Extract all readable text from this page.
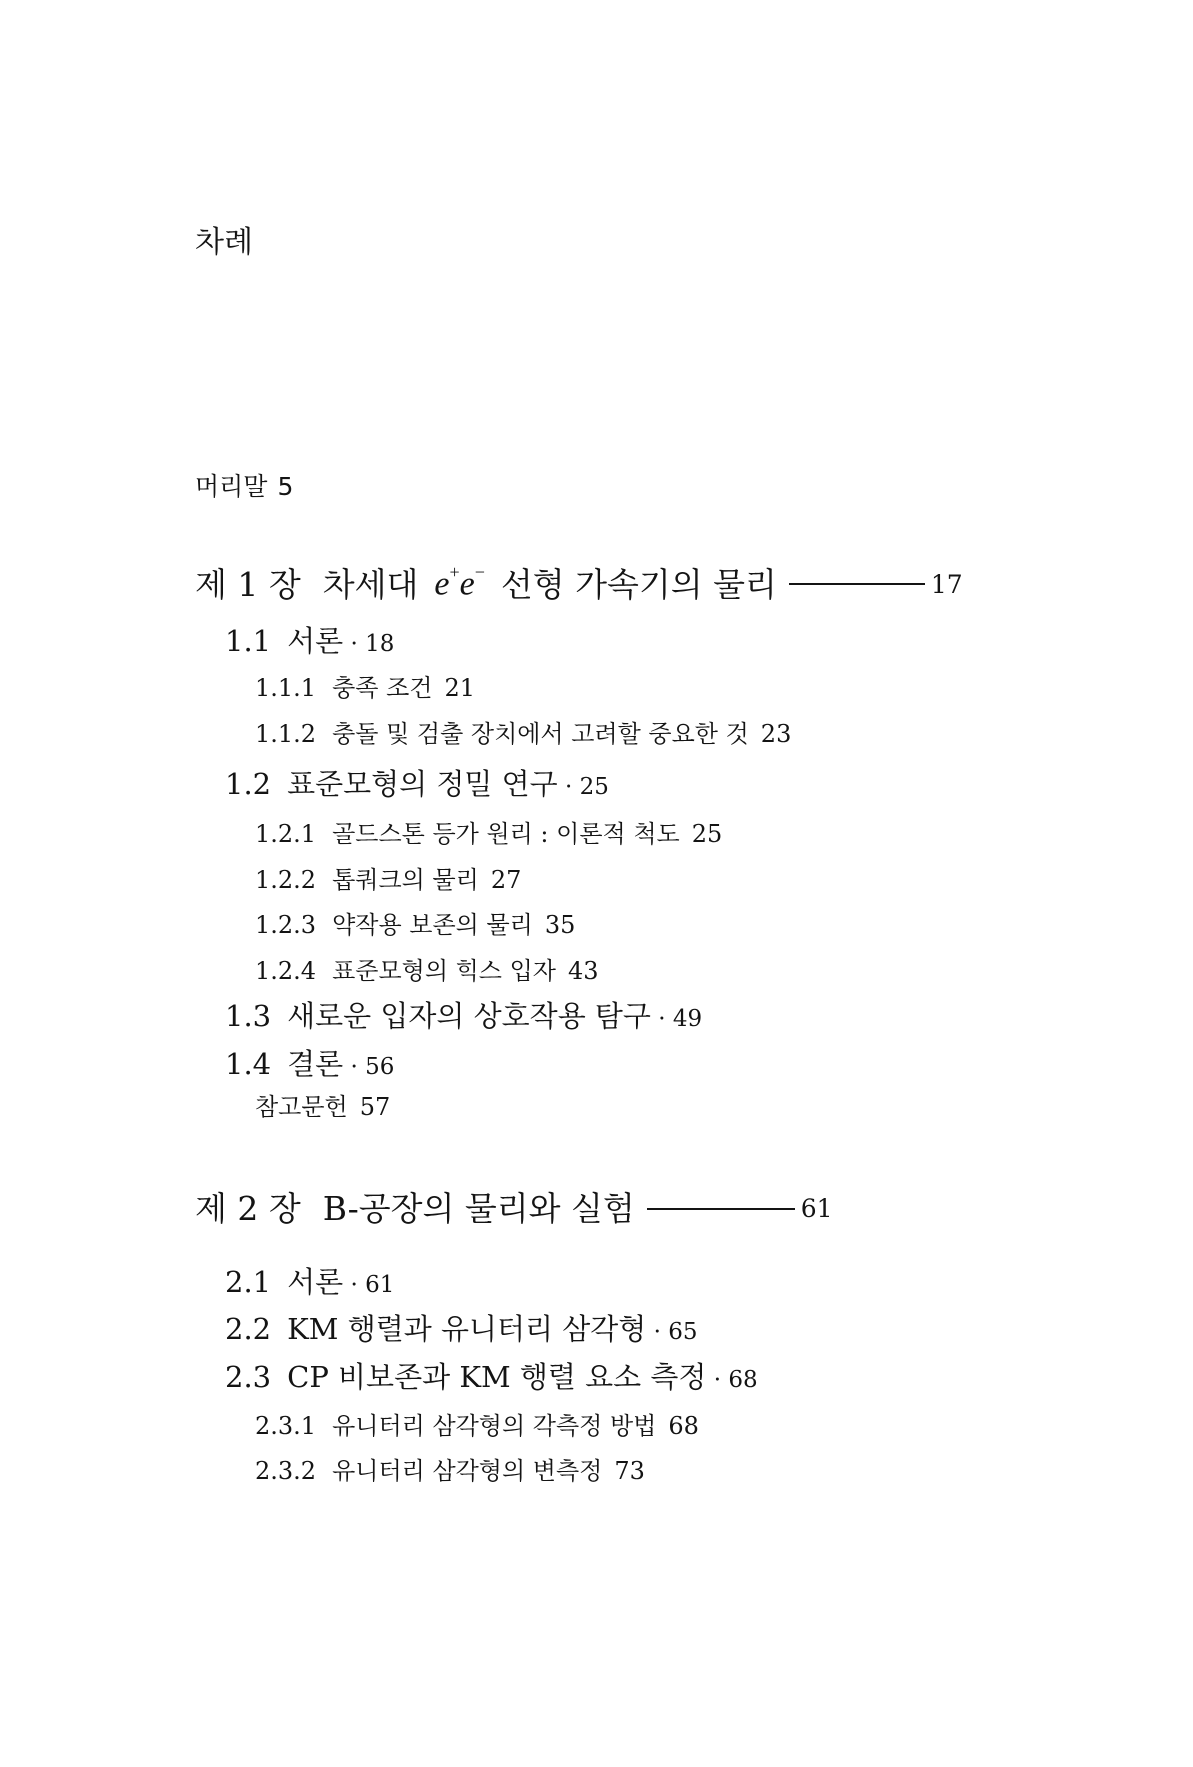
차례
머리말 5
제 1 장 차세대 e+e− 선형 가속기의 물리	17
1.1 서론 · 18
1.1.1 충족 조건 21
1.1.2 충돌 및 검출 장치에서 고려할 중요한 것 23
1.2 표준모형의 정밀 연구 · 25
1.2.1 골드스톤 등가 원리 : 이론적 척도 25
1.2.2 톱쿼크의 물리 27
1.2.3 약작용 보존의 물리 35
1.2.4 표준모형의 힉스 입자 43
1.3 새로운 입자의 상호작용 탐구 · 49
1.4 결론 · 56
참고문헌 57
제 2 장 B-공장의 물리와 실험	61
2.1 서론 · 61
2.2 KM 행렬과 유니터리 삼각형 · 65
2.3 CP 비보존과 KM 행렬 요소 측정 · 68
2.3.1 유니터리 삼각형의 각측정 방법 68
2.3.2 유니터리 삼각형의 변측정 73
